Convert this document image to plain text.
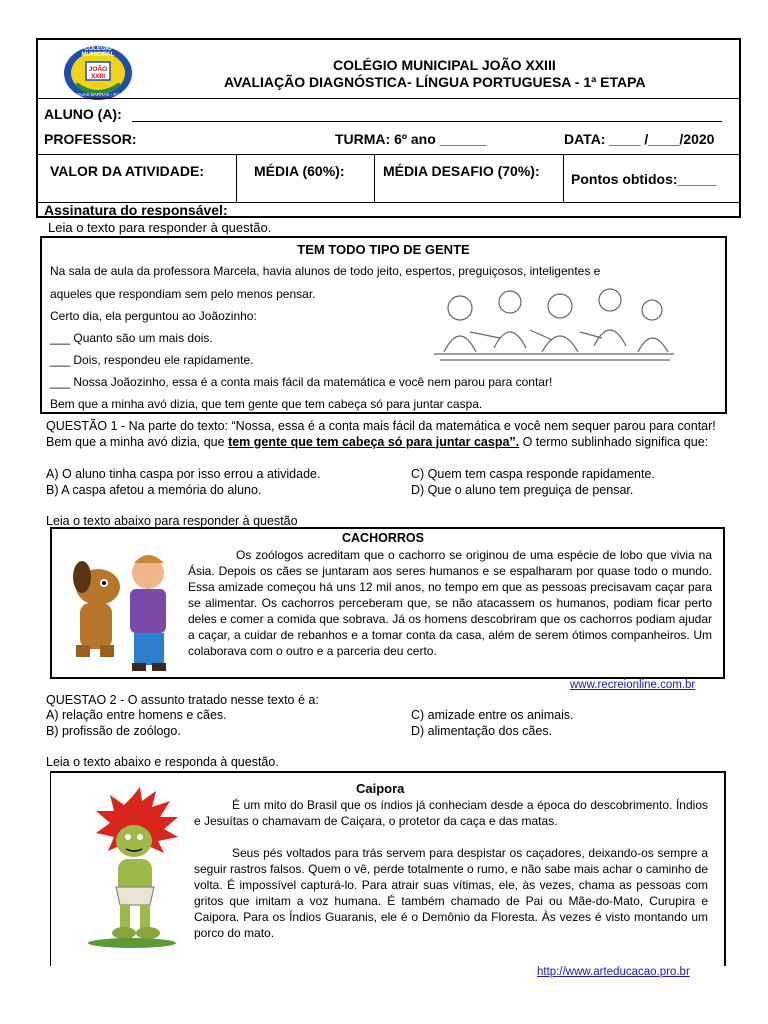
COLÉGIO MUNICIPAL
JOÃO XXIII
DUAS BARRAS - RJ
COLÉGIO MUNICIPAL JOÃO XXIII
AVALIAÇÃO DIAGNÓSTICA- LÍNGUA PORTUGUESA - 1ª ETAPA
ALUNO (A):
PROFESSOR:	TURMA: 6º ano ______	DATA: ____ /____/2020
VALOR DA ATIVIDADE:	MÉDIA (60%):	MÉDIA DESAFIO (70%): Pontos obtidos:_____
Assinatura do responsável:
Leia o texto para responder à questão.
TEM TODO TIPO DE GENTE
Na sala de aula da professora Marcela, havia alunos de todo jeito, espertos, preguiçosos, inteligentes e
aqueles que respondiam sem pelo menos pensar.
Certo dia, ela perguntou ao Joãozinho:
___ Quanto são um mais dois.
___ Dois, respondeu ele rapidamente.
___ Nossa Joãozinho, essa é a conta mais fácil da matemática e você nem parou para contar!
Bem que a minha avó dizia, que tem gente que tem cabeça só para juntar caspa.
QUESTÃO 1 - Na parte do texto: “Nossa, essa é a conta mais fácil da matemática e você nem sequer parou para contar! Bem que a minha avó dizia, que tem gente que tem cabeça só para juntar caspa”. O termo sublinhado significa que:
A) O aluno tinha caspa por isso errou a atividade.	C) Quem tem caspa responde rapidamente.
B) A caspa afetou a memória do aluno.	D) Que o aluno tem preguiça de pensar.
Leia o texto abaixo para responder à questão
CACHORROS
Os zoólogos acreditam que o cachorro se originou de uma espécie de lobo que vivia na Ásia. Depois os cães se juntaram aos seres humanos e se espalharam por quase todo o mundo. Essa amizade começou há uns 12 mil anos, no tempo em que as pessoas precisavam caçar para se alimentar. Os cachorros perceberam que, se não atacassem os humanos, podiam ficar perto deles e comer a comida que sobrava. Já os homens descobriram que os cachorros podiam ajudar a caçar, a cuidar de rebanhos e a tomar conta da casa, além de serem ótimos companheiros. Um colaborava com o outro e a parceria deu certo.
www.recreionline.com.br
QUESTAO 2 - O assunto tratado nesse texto é a:
A) relação entre homens e cães.	C) amizade entre os animais.
B) profissão de zoólogo.	D) alimentação dos cães.
Leia o texto abaixo e responda à questão.
Caipora
É um mito do Brasil que os índios já conheciam desde a época do descobrimento. Índios e Jesuítas o chamavam de Caiçara, o protetor da caça e das matas.
Seus pés voltados para trás servem para despistar os caçadores, deixando-os sempre a seguir rastros falsos. Quem o vê, perde totalmente o rumo, e não sabe mais achar o caminho de volta. É impossível capturá-lo. Para atrair suas vítimas, ele, às vezes, chama as pessoas com gritos que imitam a voz humana. É também chamado de Pai ou Mãe-do-Mato, Curupira e Caipora. Para os Índios Guaranis, ele é o Demônio da Floresta. Às vezes é visto montando um porco do mato.
http://www.arteducacao.pro.br
